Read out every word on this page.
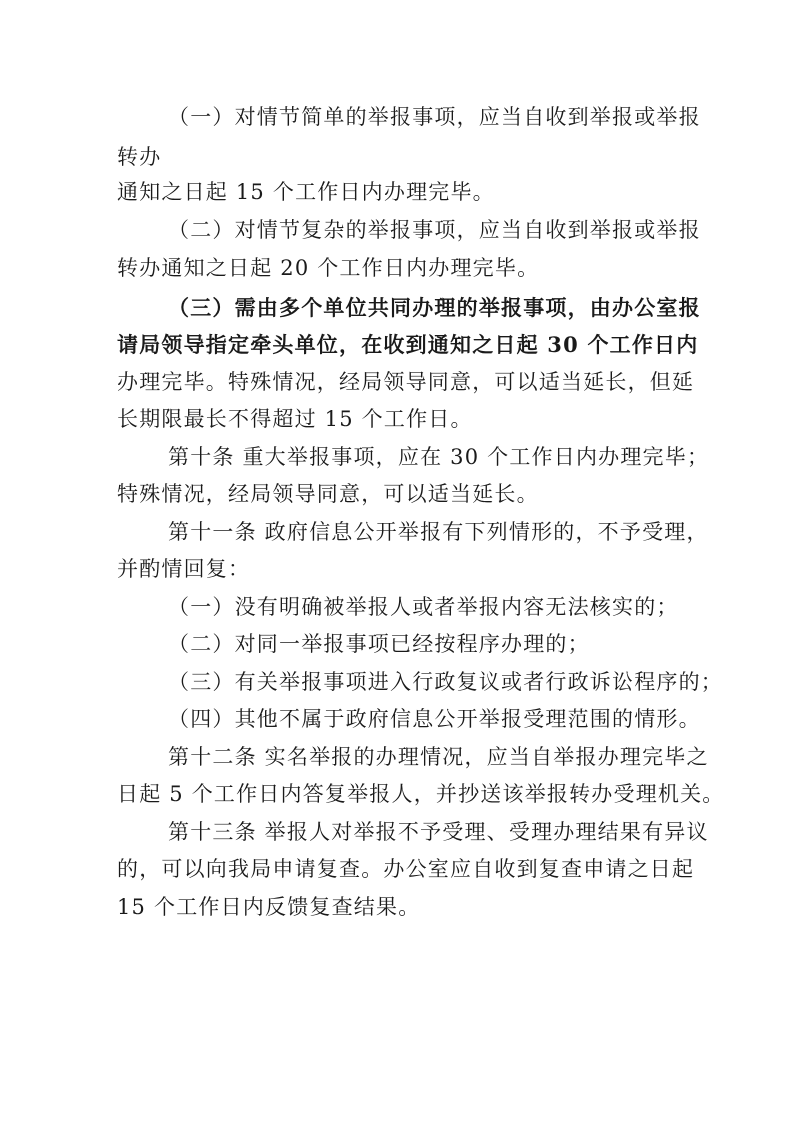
（一）对情节简单的举报事项，应当自收到举报或举报
转办
通知之日起 15 个工作日内办理完毕。
（二）对情节复杂的举报事项，应当自收到举报或举报
转办通知之日起 20 个工作日内办理完毕。
（三）需由多个单位共同办理的举报事项，由办公室报
请局领导指定牵头单位，在收到通知之日起 30 个工作日内
办理完毕。特殊情况，经局领导同意，可以适当延长，但延
长期限最长不得超过 15 个工作日。
第十条 重大举报事项，应在 30 个工作日内办理完毕；
特殊情况，经局领导同意，可以适当延长。
第十一条 政府信息公开举报有下列情形的，不予受理，
并酌情回复：
（一）没有明确被举报人或者举报内容无法核实的；
（二）对同一举报事项已经按程序办理的；
（三）有关举报事项进入行政复议或者行政诉讼程序的；
（四）其他不属于政府信息公开举报受理范围的情形。
第十二条 实名举报的办理情况，应当自举报办理完毕之
日起 5 个工作日内答复举报人，并抄送该举报转办受理机关。
第十三条 举报人对举报不予受理、受理办理结果有异议
的，可以向我局申请复查。办公室应自收到复查申请之日起
15 个工作日内反馈复查结果。
